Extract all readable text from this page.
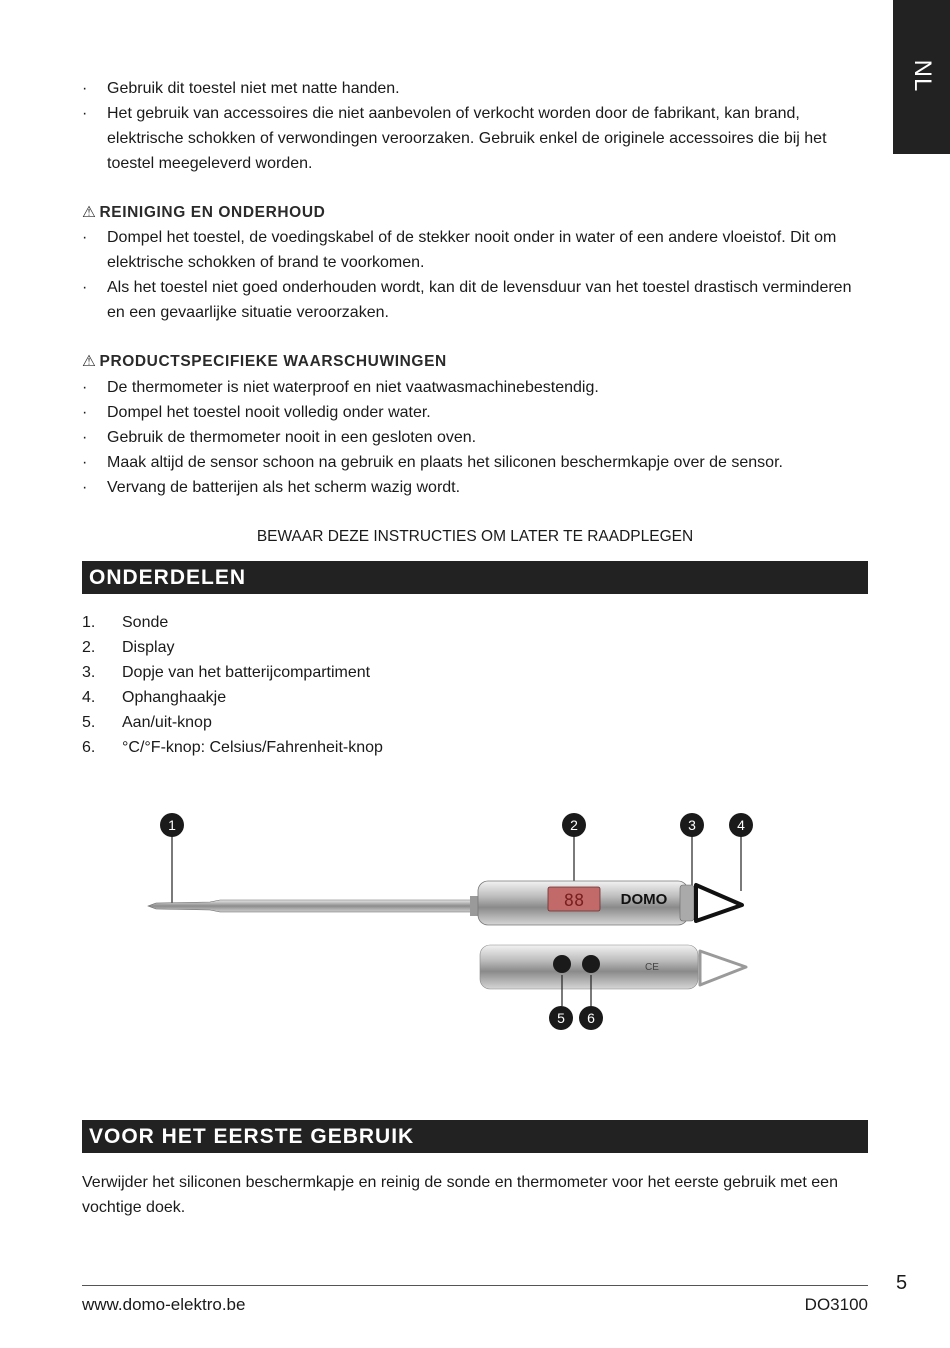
NL
· Gebruik dit toestel niet met natte handen.
· Het gebruik van accessoires die niet aanbevolen of verkocht worden door de fabrikant, kan brand, elektrische schokken of verwondingen veroorzaken. Gebruik enkel de originele accessoires die bij het toestel meegeleverd worden.
⚠ REINIGING EN ONDERHOUD
· Dompel het toestel, de voedingskabel of de stekker nooit onder in water of een andere vloeistof. Dit om elektrische schokken of brand te voorkomen.
· Als het toestel niet goed onderhouden wordt, kan dit de levensduur van het toestel drastisch verminderen en een gevaarlijke situatie veroorzaken.
⚠ PRODUCTSPECIFIEKE WAARSCHUWINGEN
· De thermometer is niet waterproof en niet vaatwasmachinebestendig.
· Dompel het toestel nooit volledig onder water.
· Gebruik de thermometer nooit in een gesloten oven.
· Maak altijd de sensor schoon na gebruik en plaats het siliconen beschermkapje over de sensor.
· Vervang de batterijen als het scherm wazig wordt.
BEWAAR DEZE INSTRUCTIES OM LATER TE RAADPLEGEN
ONDERDELEN
1. Sonde
2. Display
3. Dopje van het batterijcompartiment
4. Ophanghaakje
5. Aan/uit-knop
6. °C/°F-knop: Celsius/Fahrenheit-knop
88 DOMO
CE
1	2	3	4
5 6
VOOR HET EERSTE GEBRUIK

Verwijder het siliconen beschermkapje en reinig de sonde en thermometer voor het eerste gebruik met een vochtige doek.

5
www.domo-elektro.be	DO3100
